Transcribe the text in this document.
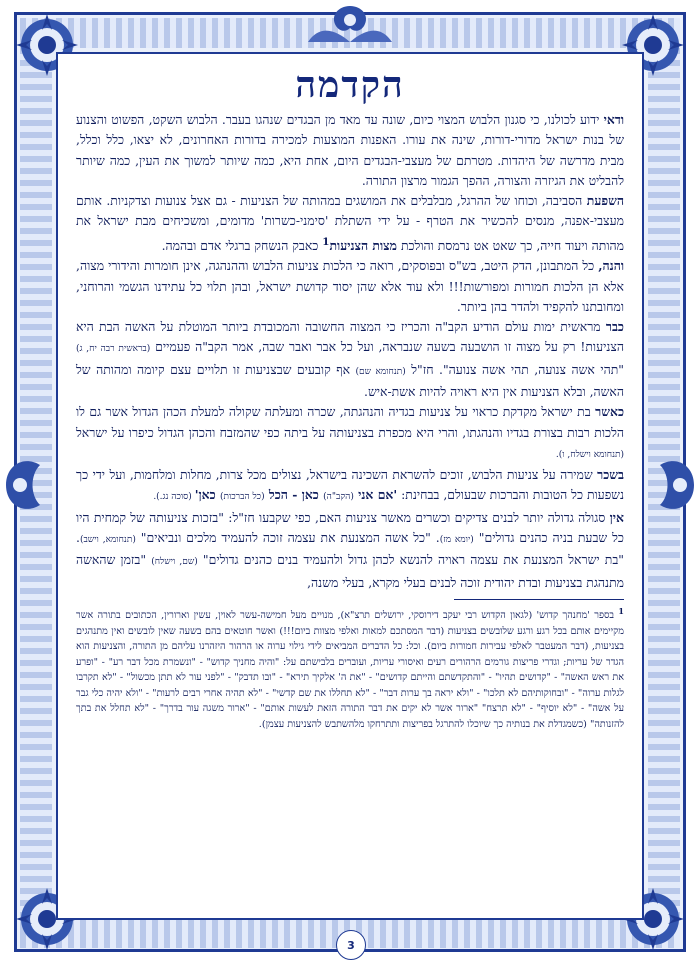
הקדמה

ודאי ידוע לכולנו, כי סגנון הלבוש המצוי כיום, שונה עד מאד מן הבגדים שנהגו בעבר. הלבוש השקט, הפשוט והצנוע של בנות ישראל מדורי-דורות, שינה את עורו. האפנות המוצעות למכירה בדורות האחרונים, לא יצאו, כלל וכלל, מבית מדרשה של היהדות. מטרתם של מעצבי-הבגדים היום, אחת היא, כמה שיותר למשוך את העין, כמה שיותר להבליט את הגיזרה והצורה, ההפך הגמור מרצון התורה.

השפעת הסביבה, וכוחו של ההרגל, מבלבלים את המושגים במהותה של הצניעות - גם אצל צנועות וצדקניות. אותם מעצבי-אפנה, מנסים להכשיר את הטרף - על ידי השתלת 'סימני-כשרות' מדומים, ומשכיחים מבת ישראל את מהותה ויעוד חייה, כך שאט אט נרמסת והולכת מצות הצניעות$^1$ כאבק הנשחק ברגלי אדם ובהמה.

והנה, כל המתבונן, הדק היטב, בש"ס ובפוסקים, רואה כי הלכות צניעות הלבוש וההנהגה, אינן חומרות והידורי מצוה, אלא הן הלכות חמורות ומפורשות!!! ולא עוד אלא שהן יסוד קדושת ישראל, ובהן תלוי כל עתידנו הגשמי והרוחני, ומחובתנו להקפיד ולהדר בהן ביותר.

כבר מראשית ימות עולם הודיע הקב"ה והכריז כי המצוה החשובה והמכובדת ביותר המוטלת על האשה הבת היא הצניעות! רק על מצוה זו הושבעה בשעה שנבראה, ועל כל אבר ואבר שבה, אמר הקב"ה פעמיים (בראשית רבה יח, ג) "תהי אשה צנועה, תהי אשה צנועה". חז"ל (תנחומא שם) אף קובעים שבצניעות זו תלויים עצם קיומה ומהותה של האשה, ובלא הצניעות אין היא ראויה להיות אשת-איש.

כאשר בת ישראל מקדקת כראוי על צניעות בגדיה והנהגתה, שכרה ומעלתה שקולה למעלת הכהן הגדול אשר גם לו הלכות רבות בצורת בגדיו והנהגתו, והרי היא מכפרת בצניעותה על ביתה כפי שהמזבח והכהן הגדול כיפרו על ישראל (תנחומא וישלח, ו).

בשכר שמירה על צניעות הלבוש, זוכים להשראת השכינה בישראל, נצולים מכל צרות, מחלות ומלחמות, ועל ידי כך נשפעות כל הטובות והברכות שבעולם, בבחינת: 'אם אני (הקב"ה) כאן - הכל (כל הברכות) כאן' (סוכה נג.).

אין סגולה גדולה יותר לבנים צדיקים וכשרים מאשר צניעות האם, כפי שקבעו חז"ל: "בזכות צניעותה של קמחית היו כל שבעת בניה כהנים גדולים" (יומא מז). "כל אשה המצנעת את עצמה זוכה להעמיד מלכים ונביאים" (תנחומא, וישב). "בת ישראל המצנעת את עצמה ראויה להנשא לכהן גדול ולהעמיד בנים כהנים גדולים" (שם, וישלח) "בזמן שהאשה מתנהגת בצניעות ובדת יהודית זוכה לבנים בעלי מקרא, בעלי משנה,

$^1$ בספר 'מחנהך קדוש' (לגאון הקדוש רבי יעקב דירוסקי, ירושלים תרצ"א), מנויים מעל חמישה-עשר לאוין, עשין וארורין, הכתובים בתורה אשר מקיימים אותם בכל רגע ורגע שלובשים בצניעות (דבר המסתכם למאות ואלפי מצוות ביום!!!) ואשר חוטאים בהם בשעה שאין לובשים ואין מתנהגים בצניעות, (דבר המעטבר לאלפי עבירות חמורות ביום). וכל: כל הדברים המביאים לידי גילוי ערוה או הרהור היזהרנו עליהם מן התורה, והצניעות הוא הגדר של עריות; וגדרי פריצות גורמים הרהורים רעים ואיסורי עריות, ועוברים בלבישתם על: "והיה מחניך קדוש" - "ונשמרת מכל דבר רע" - "ופרע את ראש האשה" - "קדושים תהיו" - "והתקדשתם והייתם קדושים" - "את ה' אלקיך תירא" - "ובו תדבק" - "לפני עור לא תתן מכשול" - "לא תקרבו לגלות ערוה" - "ובחוקותיהם לא תלכו" - "ולא יראה בך ערות דבר" - "לא תחללו את שם קדשי" - "לא תהיה אחרי רבים לרעות" - "ולא יהיה כלי גבר על אשה" - "לא יוסיף" - "לא תרצח" "ארור אשר לא יקים את דבר התורה הזאת לעשות אותם" - "ארור משגה עור בדרך" - "לא תחלל את בתך להזנותה" (כשמגדלת את בנותיה כך שיוכלו להתרגל בפריצות ותתרחקו מלהשתבש להצניעות עצמן).

3
